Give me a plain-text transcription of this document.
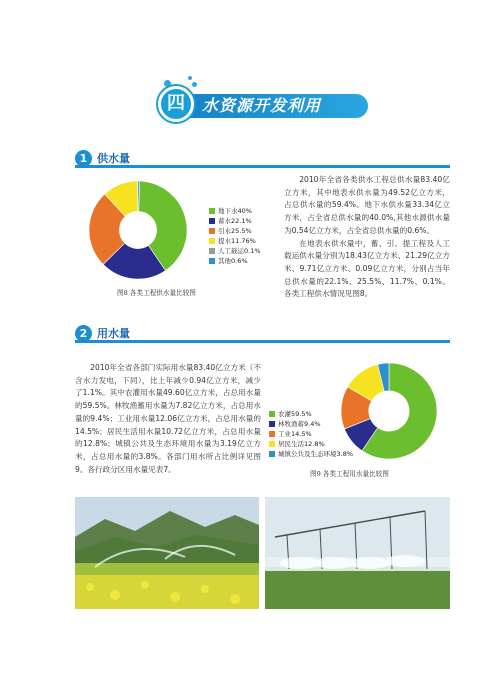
四	水资源开发利用
1 供水量
地下水40%
蓄水22.1%
引水25.5%
提水11.76%
人工载运0.1%
其他0.6%
图8 各类工程供水量比较图

2010年全省各类供水工程总供水量83.40亿立方米，其中地表水供水量为49.52亿立方米，占总供水量的59.4%。地下水供水量33.34亿立方米，占全省总供水量的40.0%,其他水源供水量为0.54亿立方米，占全省总供水量的0.6%。

在地表水供水量中，蓄、引、提工程及人工载运供水量分别为18.43亿立方米、21.29亿立方米、9.71亿立方米、0.09亿立方米，分别占当年总供水量的22.1%、25.5%、11.7%、0.1%。各类工程供水情况见图8。

2 用水量

2010年全省各部门实际用水量83.40亿立方米（不含水力发电，下同），比上年减少0.94亿立方米，减少了1.1%。其中农灌用水量49.60亿立方米，占总用水量的59.5%。林牧渔蓄用水量为7.82亿立方米，占总用水量的9.4%；工业用水量12.06亿立方米，占总用水量的14.5%；居民生活用水量10.72亿立方米，占总用水量的12.8%；城镇公共及生态环境用水量为3.19亿立方米，占总用水量的3.8%。各部门用水所占比例详见图9。各行政分区用水量见表7。

农灌59.5%
林牧渔蓄9.4%
工业14.5%
居民生活12.8%
城镇公共及生态环境3.8%
图9 各类工程用水量比较图
